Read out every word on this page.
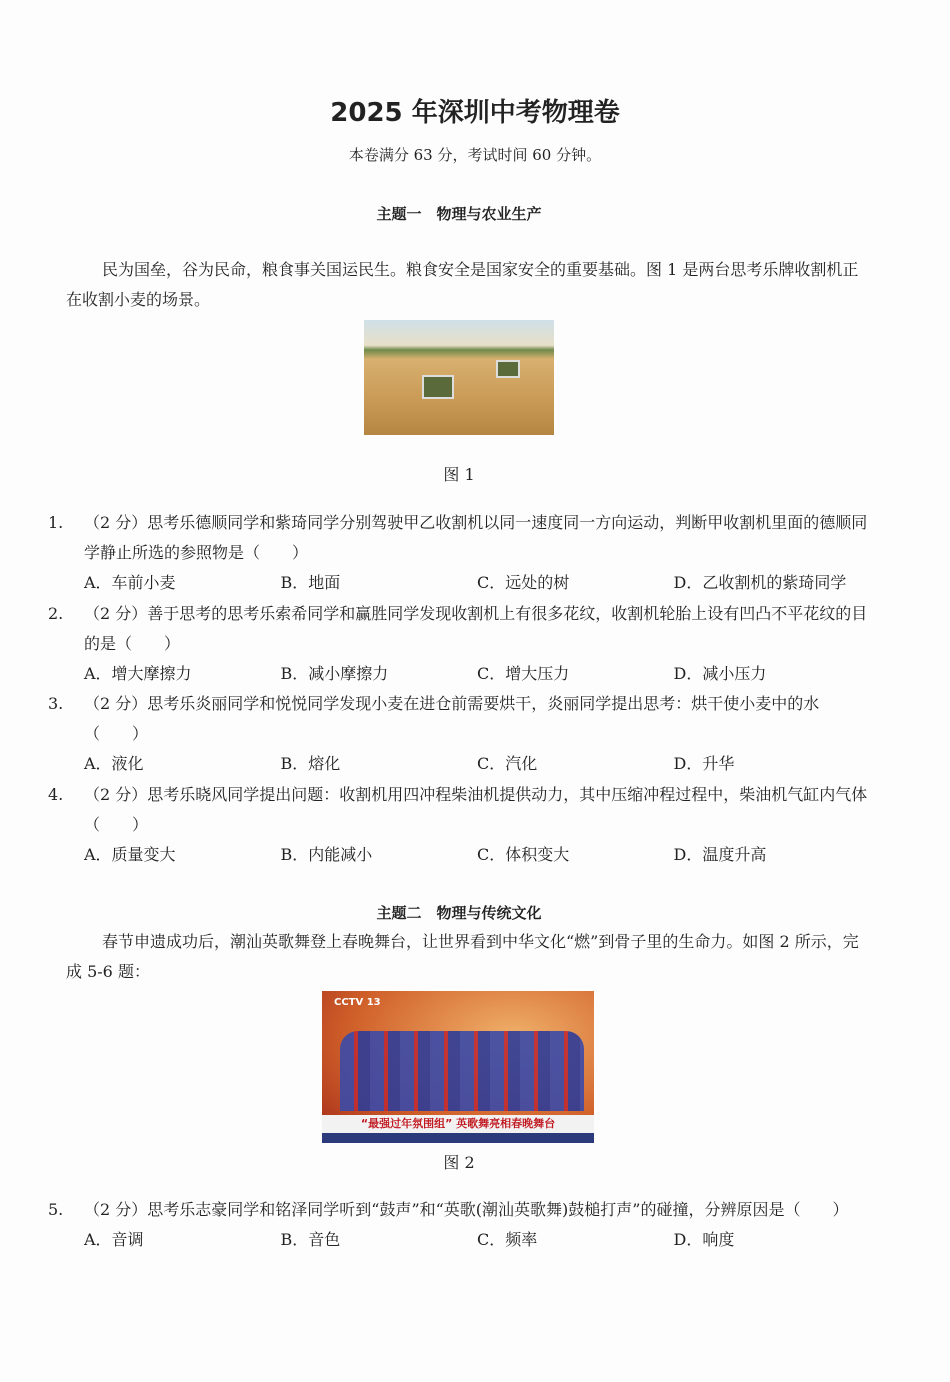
2025 年深圳中考物理卷
本卷满分 63 分，考试时间 60 分钟。
主题一　物理与农业生产
民为国垒，谷为民命，粮食事关国运民生。粮食安全是国家安全的重要基础。图 1 是两台思考乐牌收割机正在收割小麦的场景。
图 1
1. （2 分）思考乐德顺同学和紫琦同学分别驾驶甲乙收割机以同一速度同一方向运动，判断甲收割机里面的德顺同学静止所选的参照物是（　　）
A．车前小麦	B．地面	C．远处的树	D．乙收割机的紫琦同学
2. （2 分）善于思考的思考乐索希同学和赢胜同学发现收割机上有很多花纹，收割机轮胎上设有凹凸不平花纹的目的是（　　）
A．增大摩擦力	B．减小摩擦力	C．增大压力	D．减小压力
3. （2 分）思考乐炎丽同学和悦悦同学发现小麦在进仓前需要烘干，炎丽同学提出思考：烘干使小麦中的水（　　）
A．液化	B．熔化	C．汽化	D．升华
4. （2 分）思考乐晓风同学提出问题：收割机用四冲程柴油机提供动力，其中压缩冲程过程中，柴油机气缸内气体（　　）
A．质量变大	B．内能减小	C．体积变大	D．温度升高
主题二　物理与传统文化
春节申遗成功后，潮汕英歌舞登上春晚舞台，让世界看到中华文化“燃”到骨子里的生命力。如图 2 所示，完成 5-6 题：
CCTV 13
“最强过年氛围组” 英歌舞亮相春晚舞台
图 2
5. （2 分）思考乐志豪同学和铭泽同学听到“鼓声”和“英歌(潮汕英歌舞)鼓槌打声”的碰撞，分辨原因是（　　）
A．音调	B．音色	C．频率	D．响度
